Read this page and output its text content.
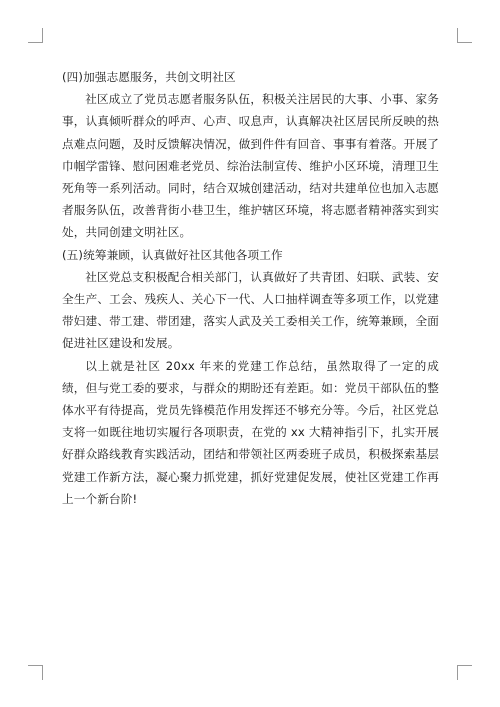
(四)加强志愿服务，共创文明社区

社区成立了党员志愿者服务队伍，积极关注居民的大事、小事、家务事，认真倾听群众的呼声、心声、叹息声，认真解决社区居民所反映的热点难点问题，及时反馈解决情况，做到件件有回音、事事有着落。开展了巾帼学雷锋、慰问困难老党员、综治法制宣传、维护小区环境，清理卫生死角等一系列活动。同时，结合双城创建活动，结对共建单位也加入志愿者服务队伍，改善背街小巷卫生，维护辖区环境，将志愿者精神落实到实处，共同创建文明社区。

(五)统筹兼顾，认真做好社区其他各项工作

社区党总支积极配合相关部门，认真做好了共青团、妇联、武装、安全生产、工会、残疾人、关心下一代、人口抽样调查等多项工作，以党建带妇建、带工建、带团建，落实人武及关工委相关工作，统筹兼顾，全面促进社区建设和发展。

以上就是社区 20xx 年来的党建工作总结，虽然取得了一定的成绩，但与党工委的要求，与群众的期盼还有差距。如：党员干部队伍的整体水平有待提高，党员先锋模范作用发挥还不够充分等。今后，社区党总支将一如既往地切实履行各项职责，在党的 xx 大精神指引下，扎实开展好群众路线教育实践活动，团结和带领社区两委班子成员，积极探索基层党建工作新方法，凝心聚力抓党建，抓好党建促发展，使社区党建工作再上一个新台阶!
